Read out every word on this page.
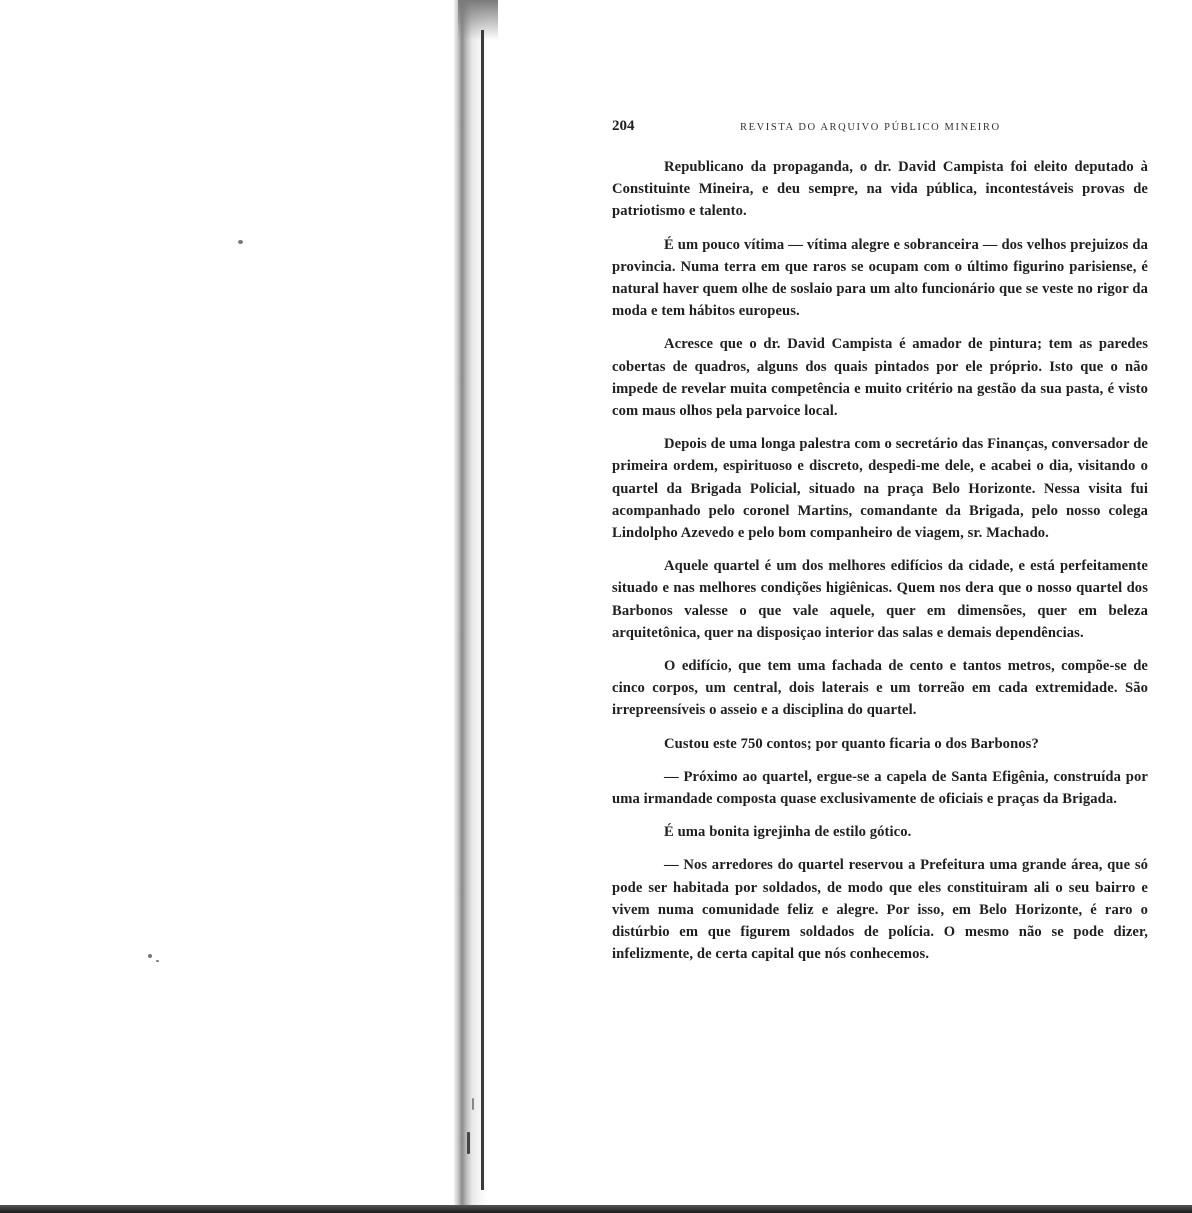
204	REVISTA DO ARQUIVO PÚBLICO MINEIRO

Republicano da propaganda, o dr. David Campista foi eleito deputado à Constituinte Mineira, e deu sempre, na vida pública, incontestáveis provas de patriotismo e talento.

É um pouco vítima — vítima alegre e sobranceira — dos velhos prejuizos da provincia. Numa terra em que raros se ocupam com o último figurino parisiense, é natural haver quem olhe de soslaio para um alto funcionário que se veste no rigor da moda e tem hábitos europeus.

Acresce que o dr. David Campista é amador de pintura; tem as paredes cobertas de quadros, alguns dos quais pintados por ele próprio. Isto que o não impede de revelar muita competência e muito critério na gestão da sua pasta, é visto com maus olhos pela parvoice local.

Depois de uma longa palestra com o secretário das Finanças, conversador de primeira ordem, espirituoso e discreto, despedi-me dele, e acabei o dia, visitando o quartel da Brigada Policial, situado na praça Belo Horizonte. Nessa visita fui acompanhado pelo coronel Martins, comandante da Brigada, pelo nosso colega Lindolpho Azevedo e pelo bom companheiro de viagem, sr. Machado.

Aquele quartel é um dos melhores edifícios da cidade, e está perfeitamente situado e nas melhores condições higiênicas. Quem nos dera que o nosso quartel dos Barbonos valesse o que vale aquele, quer em dimensões, quer em beleza arquitetônica, quer na disposiçao interior das salas e demais dependências.

O edifício, que tem uma fachada de cento e tantos metros, compõe-se de cinco corpos, um central, dois laterais e um torreão em cada extremidade. São irrepreensíveis o asseio e a disciplina do quartel.

Custou este 750 contos; por quanto ficaria o dos Barbonos?

— Próximo ao quartel, ergue-se a capela de Santa Efigênia, construída por uma irmandade composta quase exclusivamente de oficiais e praças da Brigada.

É uma bonita igrejinha de estilo gótico.

— Nos arredores do quartel reservou a Prefeitura uma grande área, que só pode ser habitada por soldados, de modo que eles constituiram ali o seu bairro e vivem numa comunidade feliz e alegre. Por isso, em Belo Horizonte, é raro o distúrbio em que figurem soldados de polícia. O mesmo não se pode dizer, infelizmente, de certa capital que nós conhecemos.
